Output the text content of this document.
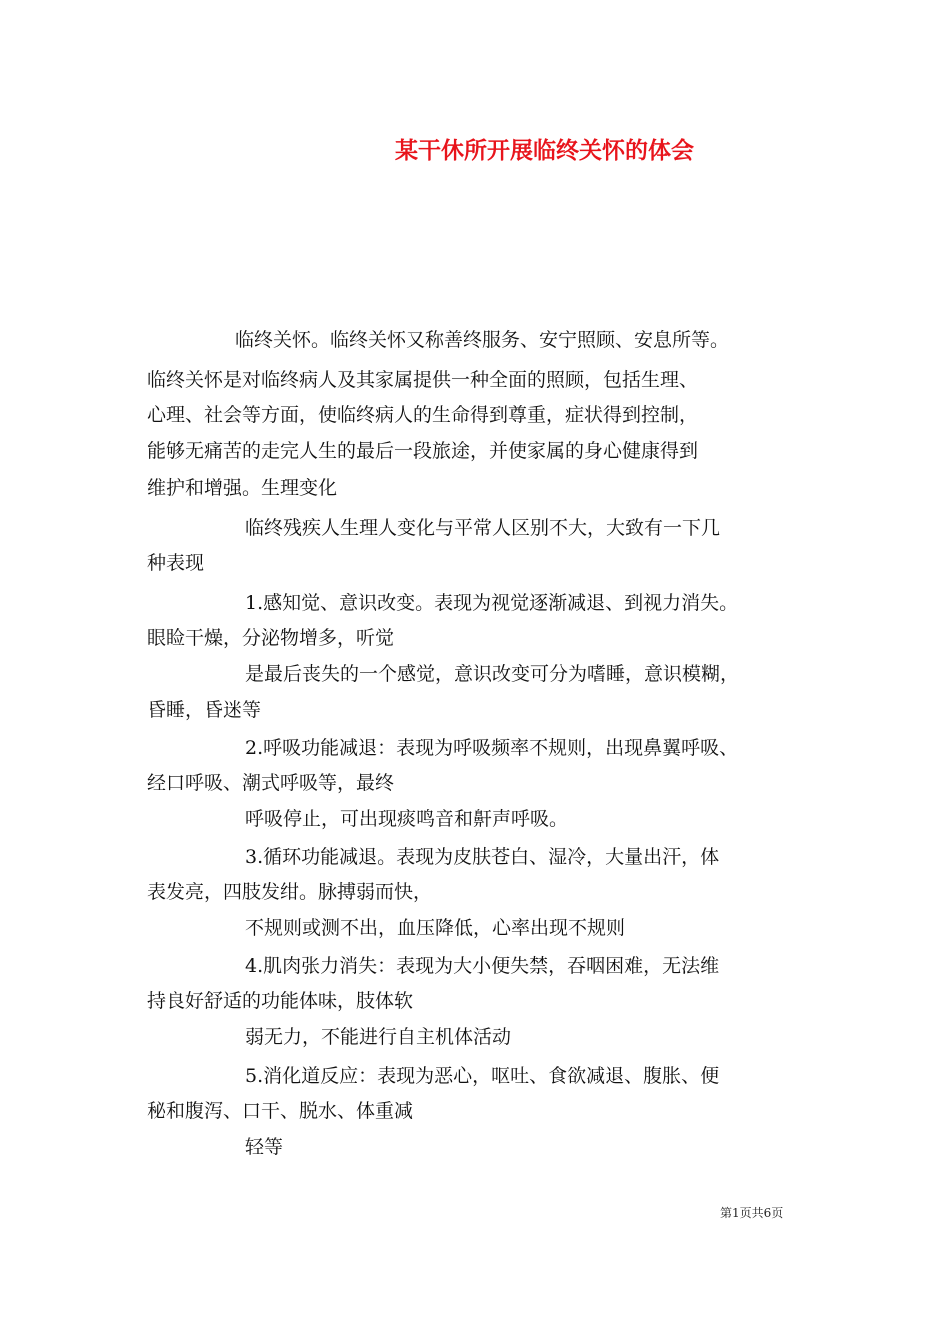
某干休所开展临终关怀的体会
临终关怀。临终关怀又称善终服务、安宁照顾、安息所等。
临终关怀是对临终病人及其家属提供一种全面的照顾，包括生理、
心理、社会等方面，使临终病人的生命得到尊重，症状得到控制，
能够无痛苦的走完人生的最后一段旅途，并使家属的身心健康得到
维护和增强。生理变化
临终残疾人生理人变化与平常人区别不大，大致有一下几
种表现
1.感知觉、意识改变。表现为视觉逐渐减退、到视力消失。
眼睑干燥，分泌物增多，听觉
是最后丧失的一个感觉，意识改变可分为嗜睡，意识模糊，
昏睡，昏迷等
2.呼吸功能减退：表现为呼吸频率不规则，出现鼻翼呼吸、
经口呼吸、潮式呼吸等，最终
呼吸停止，可出现痰鸣音和鼾声呼吸。
3.循环功能减退。表现为皮肤苍白、湿冷，大量出汗，体
表发亮，四肢发绀。脉搏弱而快，
不规则或测不出，血压降低，心率出现不规则
4.肌肉张力消失：表现为大小便失禁，吞咽困难，无法维
持良好舒适的功能体味，肢体软
弱无力，不能进行自主机体活动
5.消化道反应：表现为恶心，呕吐、食欲减退、腹胀、便
秘和腹泻、口干、脱水、体重减
轻等
第1页共6页
